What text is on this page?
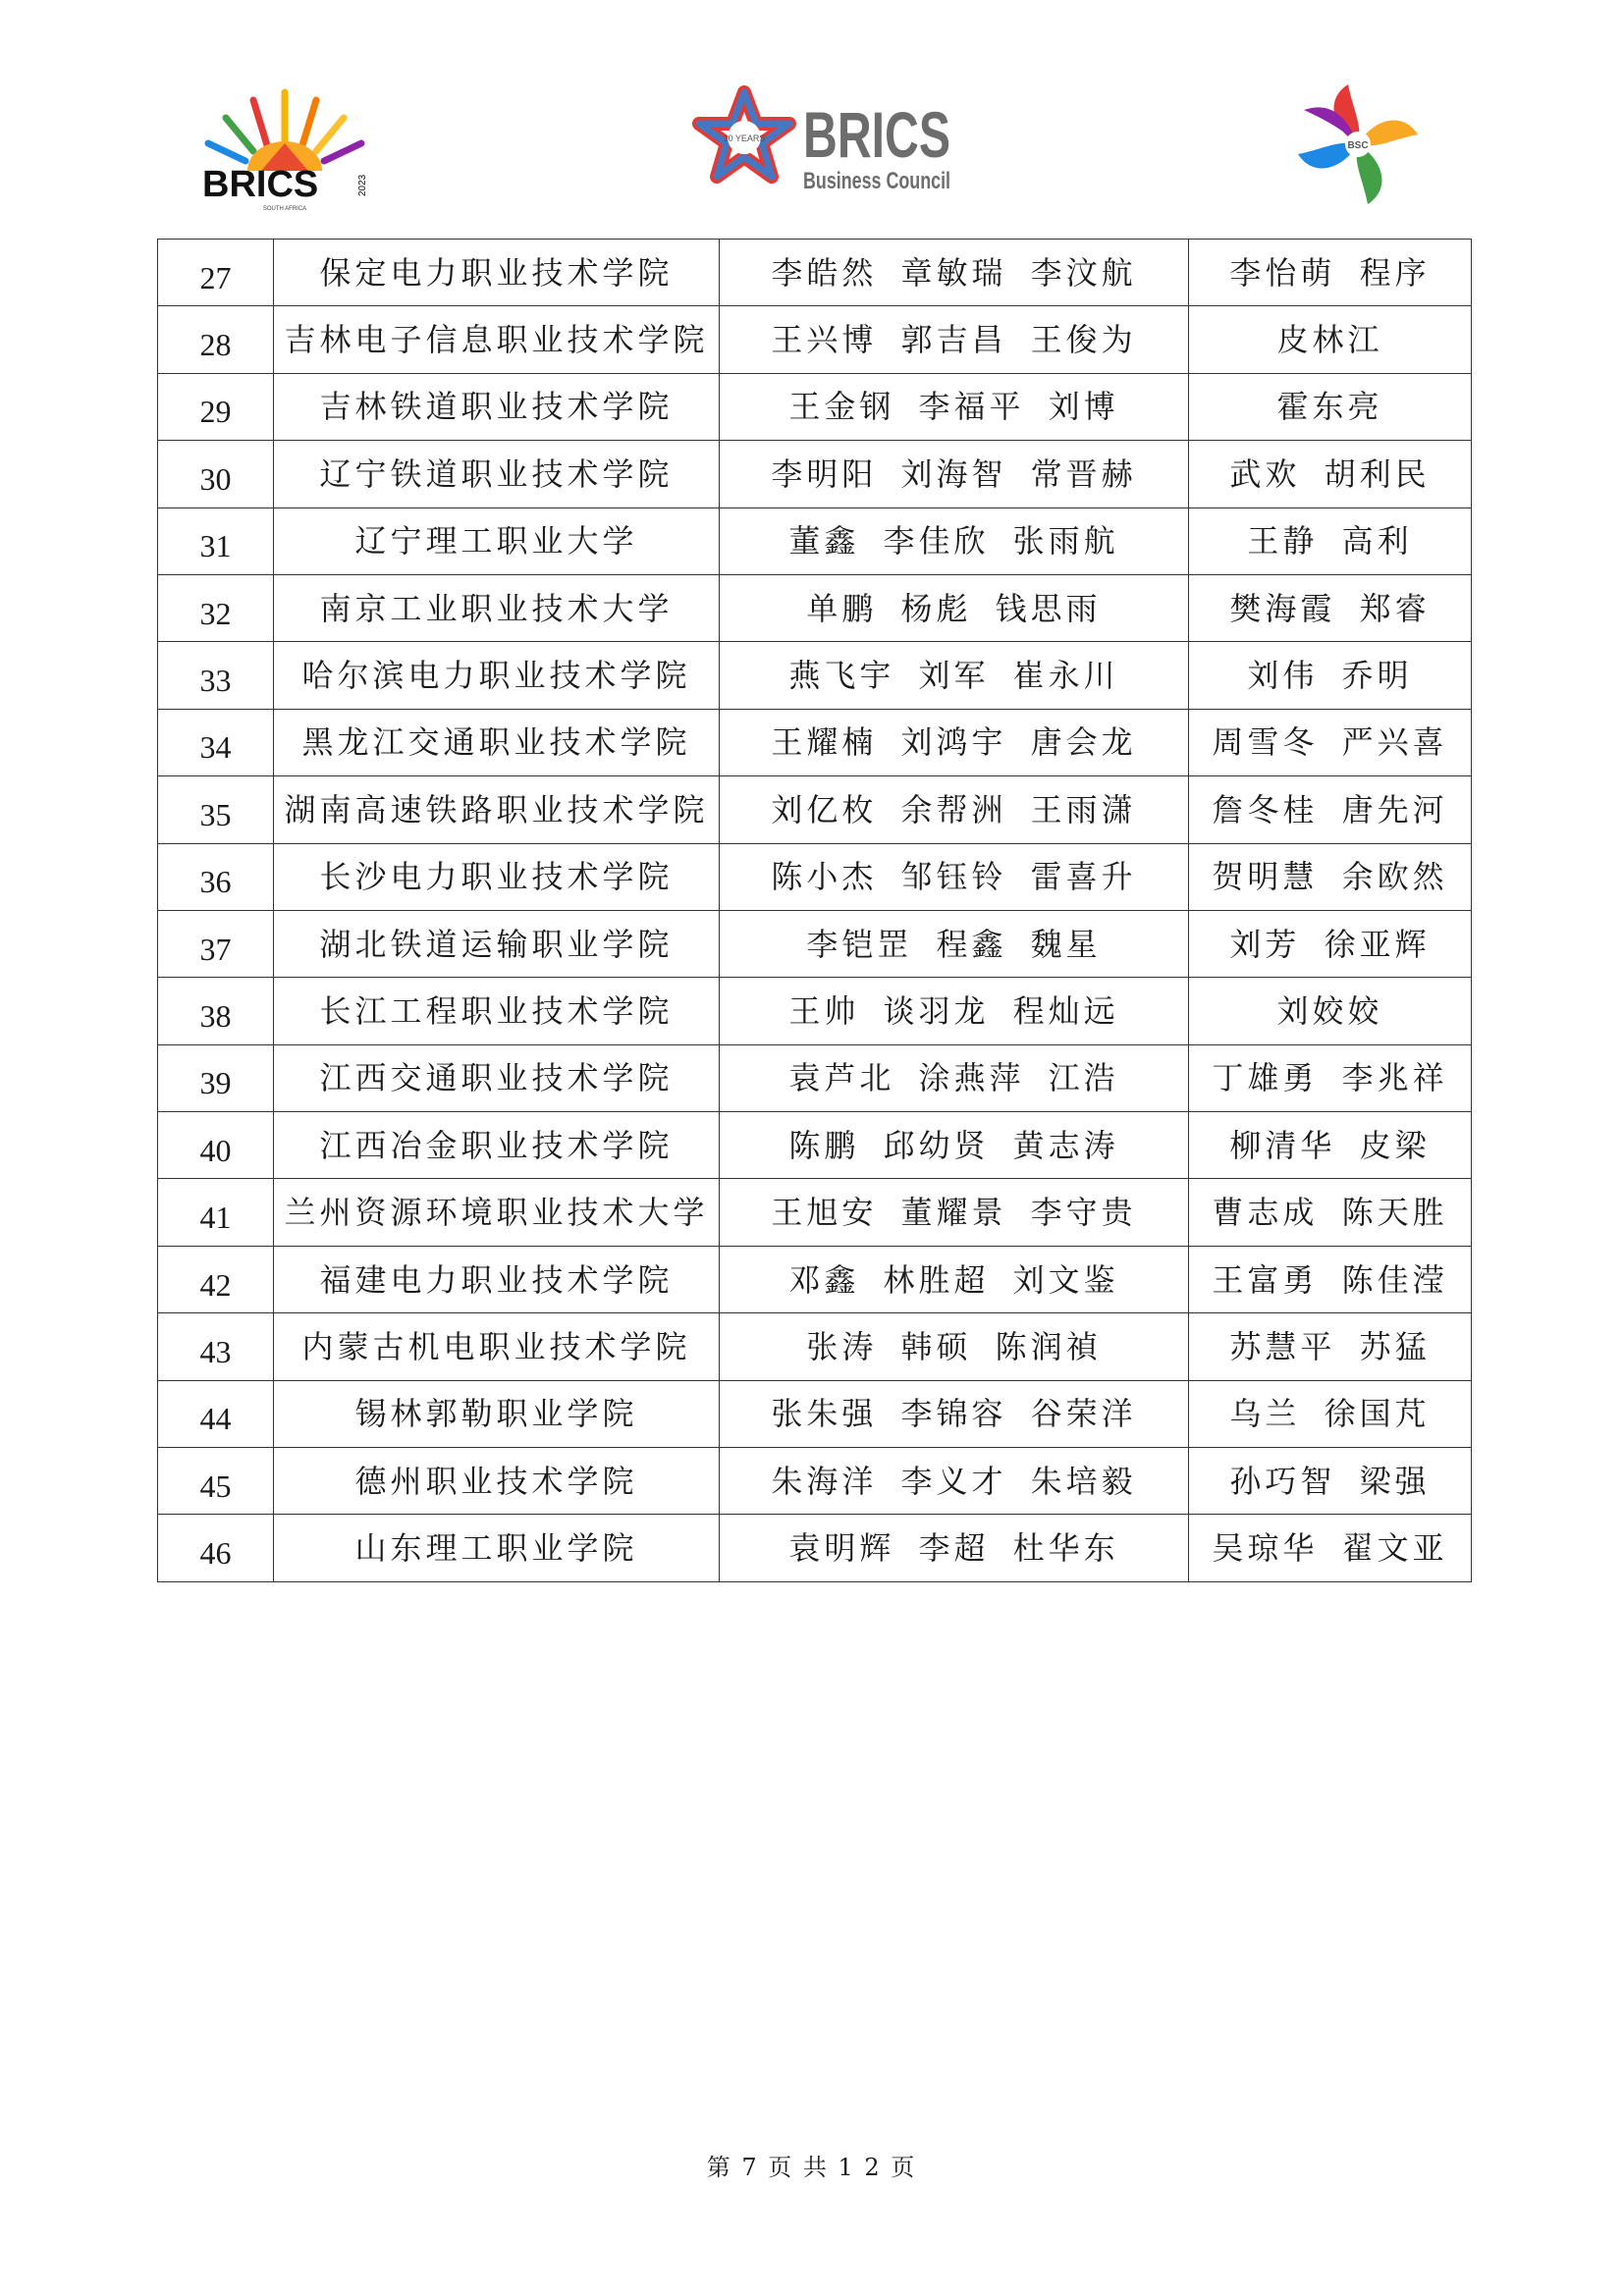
BRICS	2023
SOUTH AFRICA
10 YEARS BRICS
Business Council
BSC
27	保定电力职业技术学院	李皓然 章敏瑞 李汶航	李怡萌 程序
28	吉林电子信息职业技术学院	王兴博 郭吉昌 王俊为	皮林江
29	吉林铁道职业技术学院	王金钢 李福平 刘博	霍东亮
30	辽宁铁道职业技术学院	李明阳 刘海智 常晋赫	武欢 胡利民
31	辽宁理工职业大学	董鑫 李佳欣 张雨航	王静 高利
32	南京工业职业技术大学	单鹏 杨彪 钱思雨	樊海霞 郑睿
33	哈尔滨电力职业技术学院	燕飞宇 刘军 崔永川	刘伟 乔明
34	黑龙江交通职业技术学院	王耀楠 刘鸿宇 唐会龙	周雪冬 严兴喜
35	湖南高速铁路职业技术学院	刘亿枚 余帮洲 王雨潇	詹冬桂 唐先河
36	长沙电力职业技术学院	陈小杰 邹钰铃 雷喜升	贺明慧 余欧然
37	湖北铁道运输职业学院	李铠罡 程鑫 魏星	刘芳 徐亚辉
38	长江工程职业技术学院	王帅 谈羽龙 程灿远	刘姣姣
39	江西交通职业技术学院	袁芦北 涂燕萍 江浩	丁雄勇 李兆祥
40	江西冶金职业技术学院	陈鹏 邱幼贤 黄志涛	柳清华 皮梁
41	兰州资源环境职业技术大学	王旭安 董耀景 李守贵	曹志成 陈天胜
42	福建电力职业技术学院	邓鑫 林胜超 刘文鉴	王富勇 陈佳滢
43	内蒙古机电职业技术学院	张涛 韩硕 陈润禎	苏慧平 苏猛
44	锡林郭勒职业学院	张朱强 李锦容 谷荣洋	乌兰 徐国芃
45	德州职业技术学院	朱海洋 李义才 朱培毅	孙巧智 梁强
46	山东理工职业学院	袁明辉 李超 杜华东	吴琼华 翟文亚
第 7 页 共 1 2 页
